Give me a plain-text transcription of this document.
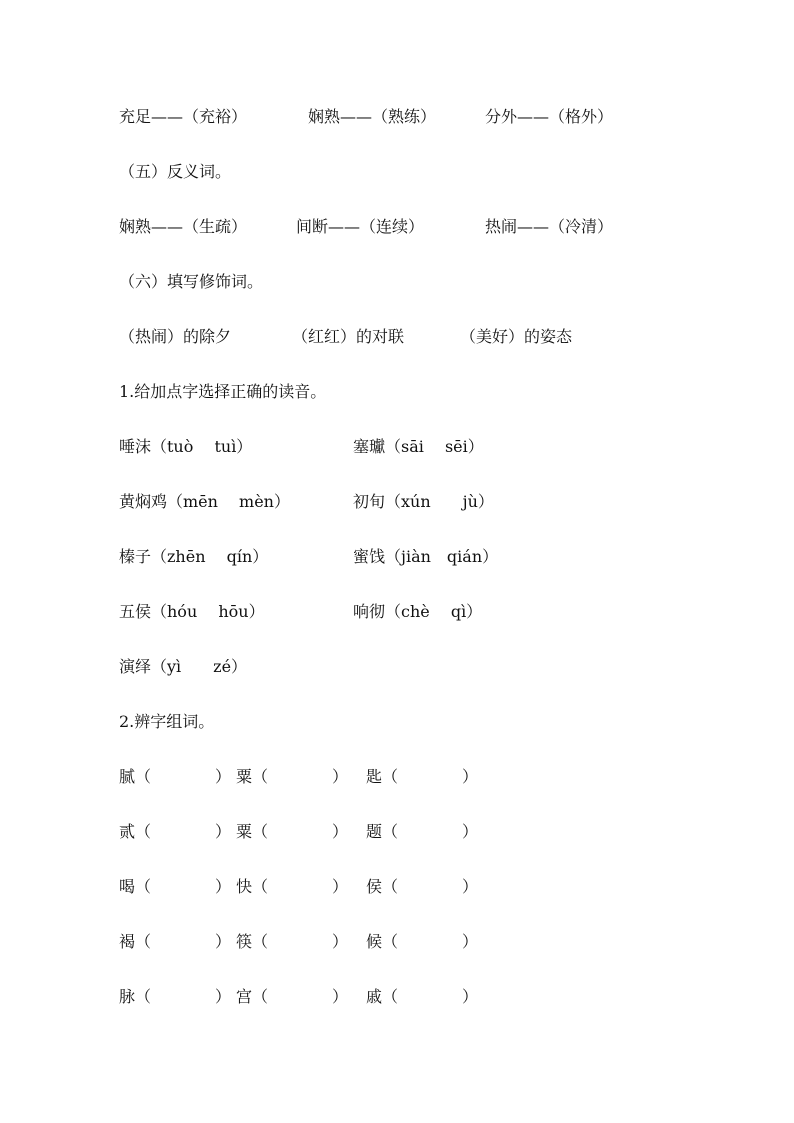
充足——（充裕）	娴熟——（熟练）	分外——（格外）
（五）反义词。
娴熟——（生疏）	间断——（连续）	热闹——（冷清）
（六）填写修饰词。
（热闹）的除夕	（红红）的对联	（美好）的姿态
1.给加点字选择正确的读音。
唾沫（tuò　 tuì）	塞瓛（sāi　 sēi）
黄焖鸡（mēn　 mèn）	初旬（xún　　jù）
榛子（zhēn　 qín）	蜜饯（jiàn　qián）
五侯（hóu　 hōu）	响彻（chè　 qì）
演绎（yì　　zé）
2.辨字组词。
腻（　　　　） 粟（　　　　） 匙（　　　　）
贰（　　　　） 粟（　　　　） 题（　　　　）
喝（　　　　） 快（　　　　） 侯（　　　　）
褐（　　　　） 筷（　　　　） 候（　　　　）
脉（　　　　） 宫（　　　　） 戚（　　　　）
